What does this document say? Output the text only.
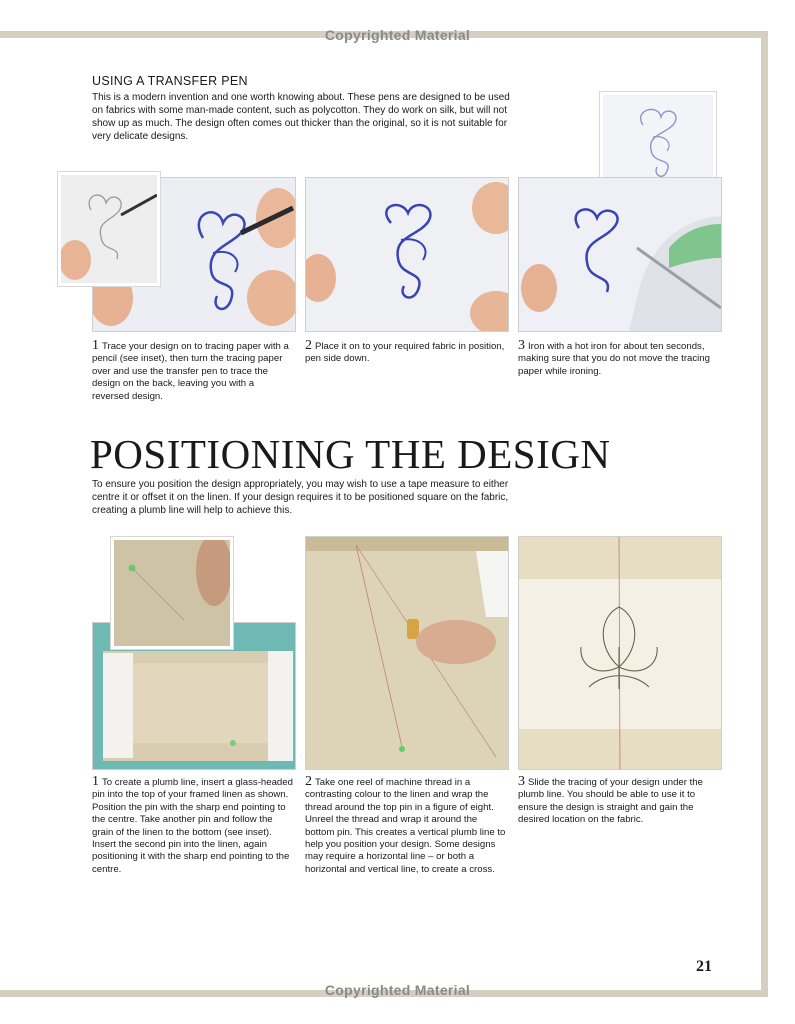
Copyrighted Material
USING A TRANSFER PEN

This is a modern invention and one worth knowing about. These pens are designed to be used on fabrics with some man-made content, such as polycotton. They do work on silk, but will not show up as much. The design often comes out thicker than the original, so it is not suitable for very delicate designs.

1 Trace your design on to tracing paper with a pencil (see inset), then turn the tracing paper over and use the transfer pen to trace the design on the back, leaving you with a reversed design.

2 Place it on to your required fabric in position, pen side down.

3 Iron with a hot iron for about ten seconds, making sure that you do not move the tracing paper while ironing.

POSITIONING THE DESIGN

To ensure you position the design appropriately, you may wish to use a tape measure to either centre it or offset it on the linen. If your design requires it to be positioned square on the fabric, creating a plumb line will help to achieve this.

1 To create a plumb line, insert a glass-headed pin into the top of your framed linen as shown. Position the pin with the sharp end pointing to the centre. Take another pin and follow the grain of the linen to the bottom (see inset). Insert the second pin into the linen, again positioning it with the sharp end pointing to the centre.

2 Take one reel of machine thread in a contrasting colour to the linen and wrap the thread around the top pin in a figure of eight. Unreel the thread and wrap it around the bottom pin. This creates a vertical plumb line to help you position your design. Some designs may require a horizontal line – or both a horizontal and vertical line, to create a cross.

3 Slide the tracing of your design under the plumb line. You should be able to use it to ensure the design is straight and gain the desired location on the fabric.

21
Copyrighted Material
